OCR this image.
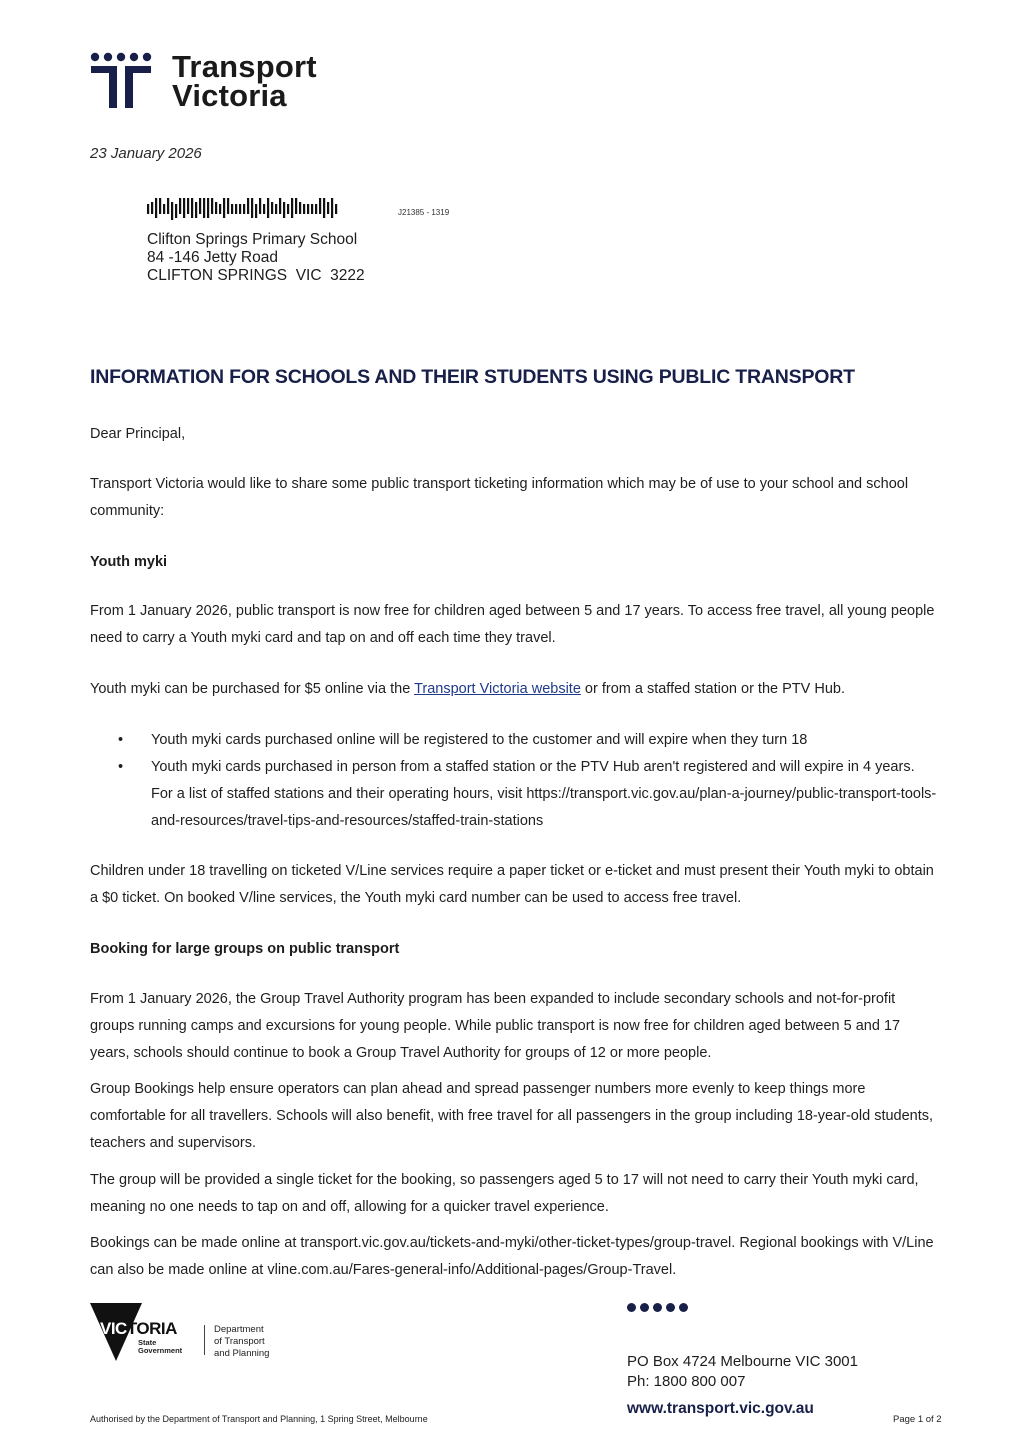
Transport
Victoria
23 January 2026
J21385 - 1319
Clifton Springs Primary School
84 -146 Jetty Road
CLIFTON SPRINGS  VIC  3222
INFORMATION FOR SCHOOLS AND THEIR STUDENTS USING PUBLIC TRANSPORT
Dear Principal,
Transport Victoria would like to share some public transport ticketing information which may be of use to your school and school community:
Youth myki
From 1 January 2026, public transport is now free for children aged between 5 and 17 years. To access free travel, all young people need to carry a Youth myki card and tap on and off each time they travel.
Youth myki can be purchased for $5 online via the Transport Victoria website or from a staffed station or the PTV Hub.
• Youth myki cards purchased online will be registered to the customer and will expire when they turn 18
• Youth myki cards purchased in person from a staffed station or the PTV Hub aren't registered and will expire in 4 years. For a list of staffed stations and their operating hours, visit https://transport.vic.gov.au/plan-a-journey/public-transport-tools-and-resources/travel-tips-and-resources/staffed-train-stations
Children under 18 travelling on ticketed V/Line services require a paper ticket or e-ticket and must present their Youth myki to obtain a $0 ticket. On booked V/line services, the Youth myki card number can be used to access free travel.
Booking for large groups on public transport
From 1 January 2026, the Group Travel Authority program has been expanded to include secondary schools and not-for-profit groups running camps and excursions for young people. While public transport is now free for children aged between 5 and 17 years, schools should continue to book a Group Travel Authority for groups of 12 or more people.
Group Bookings help ensure operators can plan ahead and spread passenger numbers more evenly to keep things more comfortable for all travellers. Schools will also benefit, with free travel for all passengers in the group including 18-year-old students, teachers and supervisors.
The group will be provided a single ticket for the booking, so passengers aged 5 to 17 will not need to carry their Youth myki card, meaning no one needs to tap on and off, allowing for a quicker travel experience.
Bookings can be made online at transport.vic.gov.au/tickets-and-myki/other-ticket-types/group-travel. Regional bookings with V/Line can also be made online at vline.com.au/Fares-general-info/Additional-pages/Group-Travel.
VICTORIA
State
Government
Department
of Transport
and Planning	PO Box 4724 Melbourne VIC 3001
Ph: 1800 800 007
www.transport.vic.gov.au
Authorised by the Department of Transport and Planning, 1 Spring Street, Melbourne	Page 1 of 2
